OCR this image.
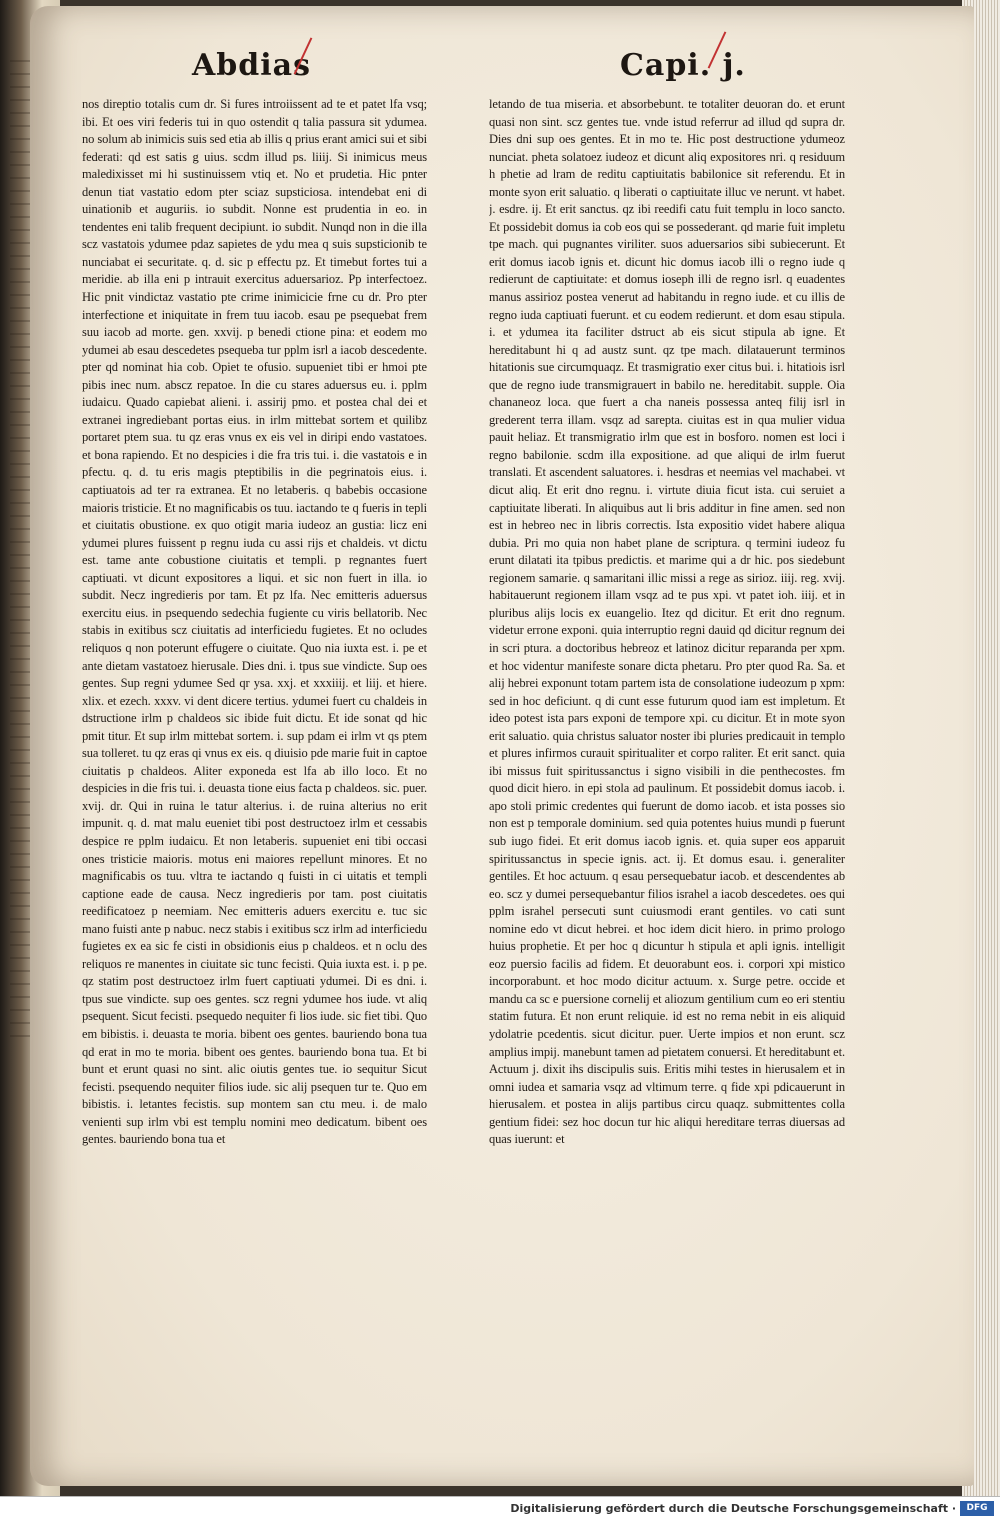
Abdias	Capi. j.

nos direptio totalis cum dr. Si fures introiissent ad te et patet lfa vsq; ibi. Et oes viri federis tui in quo ostendit q talia passura sit ydumea. no solum ab inimicis suis sed etia ab illis q prius erant amici sui et sibi federati: qd est satis g uius. scdm illud ps. liiij. Si inimicus meus maledixisset mi hi sustinuissem vtiq et. No et prudetia. Hic pnter denun tiat vastatio edom pter sciaz supsticiosa. intendebat eni di uinationib et auguriis. io subdit. Nonne est prudentia in eo. in tendentes eni talib frequent decipiunt. io subdit. Nunqd non in die illa scz vastatois ydumee pdaz sapietes de ydu mea q suis supsticionib te nunciabat ei securitate. q. d. sic p effectu pz. Et timebut fortes tui a meridie. ab illa eni p intrauit exercitus aduersarioz. Pp interfectoez. Hic pnit vindictaz vastatio pte crime inimicicie frne cu dr. Pro pter interfectione et iniquitate in frem tuu iacob. esau pe psequebat frem suu iacob ad morte. gen. xxvij. p benedi ctione pina: et eodem mo ydumei ab esau descedetes psequeba tur pplm isrl a iacob descedente. pter qd nominat hia cob. Opiet te ofusio. supueniet tibi er hmoi pte pibis inec num. abscz repatoe. In die cu stares aduersus eu. i. pplm iudaicu. Quado capiebat alieni. i. assirij pmo. et postea chal dei et extranei ingrediebant portas eius. in irlm mittebat sortem et quilibz portaret ptem sua. tu qz eras vnus ex eis vel in diripi endo vastatoes. et bona rapiendo. Et no despicies i die fra tris tui. i. die vastatois e in pfectu. q. d. tu eris magis pteptibilis in die pegrinatois eius. i. captiuatois ad ter ra extranea. Et no letaberis. q babebis occasione maioris tristicie. Et no magnificabis os tuu. iactando te q fueris in tepli et ciuitatis obustione. ex quo otigit maria iudeoz an gustia: licz eni ydumei plures fuissent p regnu iuda cu assi rijs et chaldeis. vt dictu est. tame ante cobustione ciuitatis et templi. p regnantes fuert captiuati. vt dicunt expositores a liqui. et sic non fuert in illa. io subdit. Necz ingredieris por tam. Et pz lfa. Nec emitteris aduersus exercitu eius. in psequendo sedechia fugiente cu viris bellatorib. Nec stabis in exitibus scz ciuitatis ad interficiedu fugietes. Et no ocludes reliquos q non poterunt effugere o ciuitate. Quo nia iuxta est. i. pe et ante dietam vastatoez hierusale. Dies dni. i. tpus sue vindicte. Sup oes gentes. Sup regni ydumee Sed qr ysa. xxj. et xxxiiij. et liij. et hiere. xlix. et ezech. xxxv. vi dent dicere tertius. ydumei fuert cu chaldeis in dstructione irlm p chaldeos sic ibide fuit dictu. Et ide sonat qd hic pmit titur. Et sup irlm mittebat sortem. i. sup pdam ei irlm vt qs ptem sua tolleret. tu qz eras qi vnus ex eis. q diuisio pde marie fuit in captoe ciuitatis p chaldeos. Aliter exponeda est lfa ab illo loco. Et no despicies in die fris tui. i. deuasta tione eius facta p chaldeos. sic. puer. xvij. dr. Qui in ruina le tatur alterius. i. de ruina alterius no erit impunit. q. d. mat malu eueniet tibi post destructoez irlm et cessabis despice re pplm iudaicu. Et non letaberis. supueniet eni tibi occasi ones tristicie maioris. motus eni maiores repellunt minores. Et no magnificabis os tuu. vltra te iactando q fuisti in ci uitatis et templi captione eade de causa. Necz ingredieris por tam. post ciuitatis reedificatoez p neemiam. Nec emitteris aduers exercitu e. tuc sic mano fuisti ante p nabuc. necz stabis i exitibus scz irlm ad interficiedu fugietes ex ea sic fe cisti in obsidionis eius p chaldeos. et n oclu des reliquos re manentes in ciuitate sic tunc fecisti. Quia iuxta est. i. p pe. qz statim post destructoez irlm fuert captiuati ydumei. Di es dni. i. tpus sue vindicte. sup oes gentes. scz regni ydumee hos iude. vt aliq psequent. Sicut fecisti. psequedo nequiter fi lios iude. sic fiet tibi. Quo em bibistis. i. deuasta te moria. bibent oes gentes. bauriendo bona tua qd erat in mo te moria. bibent oes gentes. bauriendo bona tua. Et bi bunt et erunt quasi no sint. alic oiutis gentes tue. io sequitur Sicut fecisti. psequendo nequiter filios iude. sic alij psequen tur te. Quo em bibistis. i. letantes fecistis. sup montem san ctu meu. i. de malo venienti sup irlm vbi est templu nomini meo dedicatum. bibent oes gentes. bauriendo bona tua et

letando de tua miseria. et absorbebunt. te totaliter deuoran do. et erunt quasi non sint. scz gentes tue. vnde istud referrur ad illud qd supra dr. Dies dni sup oes gentes. Et in mo te. Hic post destructione ydumeoz nunciat. pheta solatoez iudeoz et dicunt aliq expositores nri. q residuum h phetie ad lram de reditu captiuitatis babilonice sit referendu. Et in monte syon erit saluatio. q liberati o captiuitate illuc ve nerunt. vt habet. j. esdre. ij. Et erit sanctus. qz ibi reedifi catu fuit templu in loco sancto. Et possidebit domus ia cob eos qui se possederant. qd marie fuit impletu tpe mach. qui pugnantes viriliter. suos aduersarios sibi subiecerunt. Et erit domus iacob ignis et. dicunt hic domus iacob illi o regno iude q redierunt de captiuitate: et domus ioseph illi de regno isrl. q euadentes manus assirioz postea venerut ad habitandu in regno iude. et cu illis de regno iuda captiuati fuerunt. et cu eodem redierunt. et dom esau stipula. i. et ydumea ita faciliter dstruct ab eis sicut stipula ab igne. Et hereditabunt hi q ad austz sunt. qz tpe mach. dilatauerunt terminos hitationis sue circumquaqz. Et trasmigratio exer citus bui. i. hitatiois isrl que de regno iude transmigrauert in babilo ne. hereditabit. supple. Oia chananeoz loca. que fuert a cha naneis possessa anteq filij isrl in grederent terra illam. vsqz ad sarepta. ciuitas est in qua mulier vidua pauit heliaz. Et transmigratio irlm que est in bosforo. nomen est loci i regno babilonie. scdm illa expositione. ad que aliqui de irlm fuerut translati. Et ascendent saluatores. i. hesdras et neemias vel machabei. vt dicut aliq. Et erit dno regnu. i. virtute diuia ficut ista. cui seruiet a captiuitate liberati. In aliquibus aut li bris additur in fine amen. sed non est in hebreo nec in libris correctis. Ista expositio videt habere aliqua dubia. Pri mo quia non habet plane de scriptura. q termini iudeoz fu erunt dilatati ita tpibus predictis. et marime qui a dr hic. pos siedebunt regionem samarie. q samaritani illic missi a rege as sirioz. iiij. reg. xvij. habitauerunt regionem illam vsqz ad te pus xpi. vt patet ioh. iiij. et in pluribus alijs locis ex euangelio. Itez qd dicitur. Et erit dno regnum. videtur errone exponi. quia interruptio regni dauid qd dicitur regnum dei in scri ptura. a doctoribus hebreoz et latinoz dicitur reparanda per xpm. et hoc videntur manifeste sonare dicta phetaru. Pro pter quod Ra. Sa. et alij hebrei exponunt totam partem ista de consolatione iudeozum p xpm: sed in hoc deficiunt. q di cunt esse futurum quod iam est impletum. Et ideo potest ista pars exponi de tempore xpi. cu dicitur. Et in mote syon erit saluatio. quia christus saluator noster ibi pluries predicauit in templo et plures infirmos curauit spiritualiter et corpo raliter. Et erit sanct. quia ibi missus fuit spiritussanctus i signo visibili in die penthecostes. fm quod dicit hiero. in epi stola ad paulinum. Et possidebit domus iacob. i. apo stoli primic credentes qui fuerunt de domo iacob. et ista posses sio non est p temporale dominium. sed quia potentes huius mundi p fuerunt sub iugo fidei. Et erit domus iacob ignis. et. quia super eos apparuit spiritussanctus in specie ignis. act. ij. Et domus esau. i. generaliter gentiles. Et hoc actuum. q esau persequebatur iacob. et descendentes ab eo. scz y dumei persequebantur filios israhel a iacob descedetes. oes qui pplm israhel persecuti sunt cuiusmodi erant gentiles. vo cati sunt nomine edo vt dicut hebrei. et hoc idem dicit hiero. in primo prologo huius prophetie. Et per hoc q dicuntur h stipula et apli ignis. intelligit eoz puersio facilis ad fidem. Et deuorabunt eos. i. corpori xpi mistico incorporabunt. et hoc modo dicitur actuum. x. Surge petre. occide et mandu ca sc e puersione cornelij et aliozum gentilium cum eo eri stentiu statim futura. Et non erunt reliquie. id est no rema nebit in eis aliquid ydolatrie pcedentis. sicut dicitur. puer. Uerte impios et non erunt. scz amplius impij. manebunt tamen ad pietatem conuersi. Et hereditabunt et. Actuum j. dixit ihs discipulis suis. Eritis mihi testes in hierusalem et in omni iudea et samaria vsqz ad vltimum terre. q fide xpi pdicauerunt in hierusalem. et postea in alijs partibus circu quaqz. submittentes colla gentium fidei: sez hoc docun tur hic aliqui hereditare terras diuersas ad quas iuerunt: et

Digitalisierung gefördert durch die Deutsche Forschungsgemeinschaft ·	DFG
